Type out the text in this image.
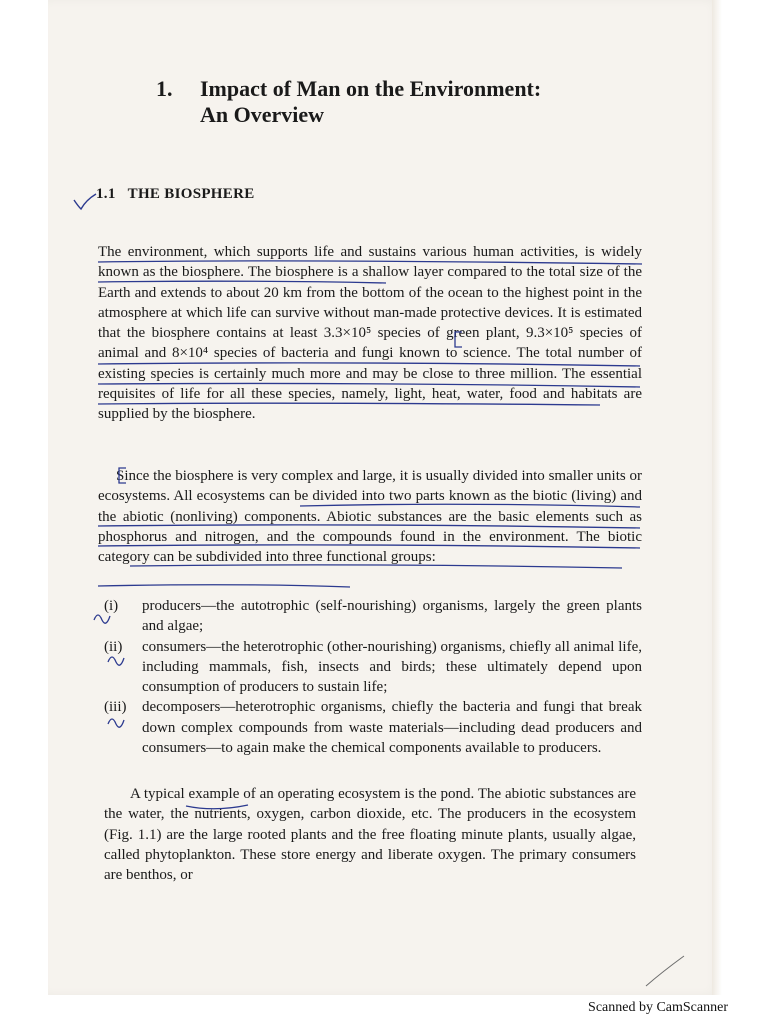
1. Impact of Man on the Environment:
An Overview
1.1 THE BIOSPHERE

The environment, which supports life and sustains various human activities, is widely known as the biosphere. The biosphere is a shallow layer compared to the total size of the Earth and extends to about 20 km from the bottom of the ocean to the highest point in the atmosphere at which life can survive without man-made protective devices. It is estimated that the biosphere contains at least 3.3×10⁵ species of green plant, 9.3×10⁵ species of animal and 8×10⁴ species of bacteria and fungi known to science. The total number of existing species is certainly much more and may be close to three million. The essential requisites of life for all these species, namely, light, heat, water, food and habitats are supplied by the biosphere.

Since the biosphere is very complex and large, it is usually divided into smaller units or ecosystems. All ecosystems can be divided into two parts known as the biotic (living) and the abiotic (nonliving) components. Abiotic substances are the basic elements such as phosphorus and nitrogen, and the compounds found in the environment. The biotic category can be subdivided into three functional groups:

(i)	producers—the autotrophic (self-nourishing) organisms, largely the green plants and algae;
(ii)	consumers—the heterotrophic (other-nourishing) organisms, chiefly all animal life, including mammals, fish, insects and birds; these ultimately depend upon consumption of producers to sustain life;
(iii)	decomposers—heterotrophic organisms, chiefly the bacteria and fungi that break down complex compounds from waste materials—including dead producers and consumers—to again make the chemical components available to producers.

A typical example of an operating ecosystem is the pond. The abiotic substances are the water, the nutrients, oxygen, carbon dioxide, etc. The producers in the ecosystem (Fig. 1.1) are the large rooted plants and the free floating minute plants, usually algae, called phytoplankton. These store energy and liberate oxygen. The primary consumers are benthos, or

Scanned by CamScanner
